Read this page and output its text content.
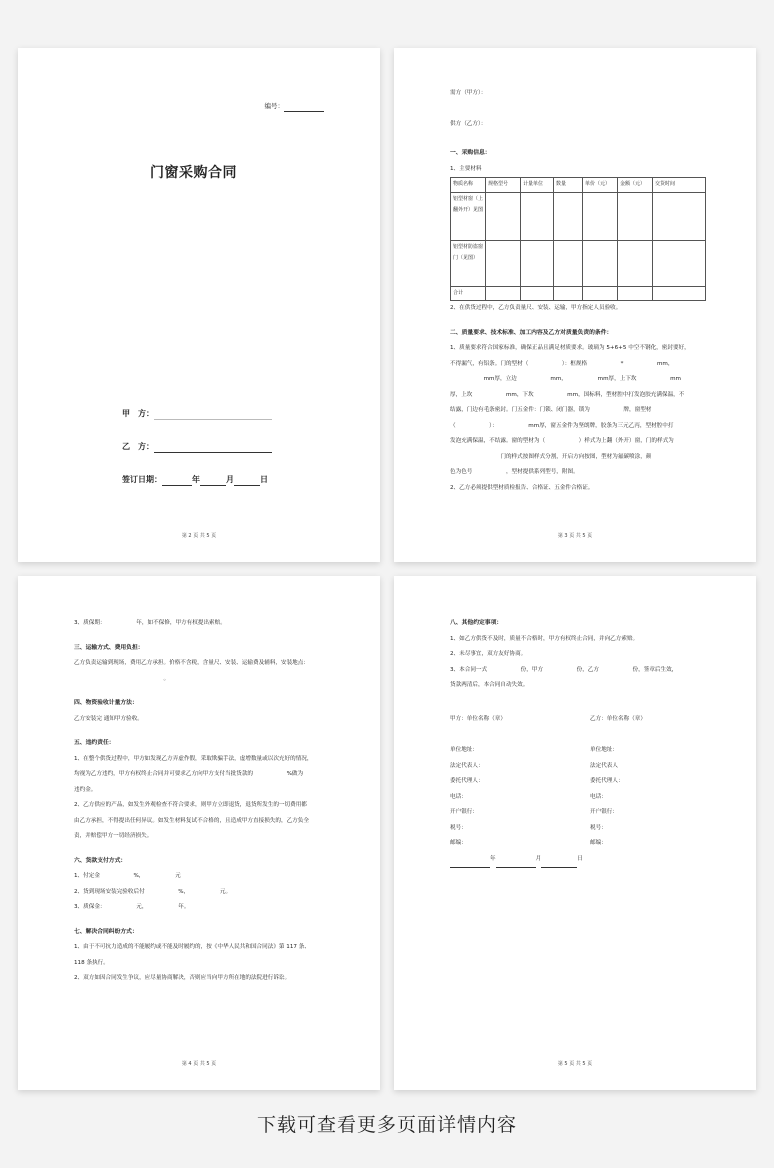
编号：
门窗采购合同
甲　方：
乙　方：
签订日期：	年	月	日
第 2 页 共 5 页

需方（甲方）：

供方（乙方）：

一、采购信息：

1、主要材料

物质名称	规格型号	计量单位	数量	单价（元）	金额（元）	交货时间
铝型材窗（上翻外开）见图						
铝型材防盗窗门（见图）						
合计						

2、在供货过程中，乙方负责量尺、安装、运输，甲方指定人员验收。

二、质量要求、技术标准、加工内容及乙方对质量负责的条件：

1、质量要求符合国家标准，确保正品且满足材质要求。玻璃为 5+6+5 中空不钢化，密封要好，

不得漏气，有铝条。门的型材（　　　　　　）：框规格　　　　　　*　　　　　　mm，

　　　　　　mm厚，立边　　　　　　mm，　　　　　　mm厚，上下坎　　　　　　mm

厚，上坎　　　　　　mm，下坎　　　　　　mm，国标料，型材腔中打发泡胶充满保温，不

结露，门边有毛条密封。门五金件：门锁、闭门器，锁为　　　　　　牌，窗型材

（　　　　　　）：　　　　　　mm厚，窗五金件为坚朗牌，胶条为三元乙丙，型材腔中打

发泡充满保温，不结露。窗的型材为（　　　　　　）样式为上翻（外开）窗，门的样式为

　　　　　　　　　门的样式按图样式分割，开启方向按图，型材为氟碳喷涂，颜

色为色号　　　　　　，型材提供系列型号，附图。

2、乙方必须提供型材质检报告、合格证、五金件合格证。

第 3 页 共 5 页

3、质保期：　　　　　　年，如不保修，甲方有权提出索赔。

三、运输方式、费用负担：

乙方负责运输到现场，费用乙方承担。价格不含税，含量尺、安装、运输费及辅料，安装地点：

　　　　　　　　　　　　　　　　。

四、物资验收计量方法：

乙方安装完 通知甲方验收。

五、违约责任：

1、在整个供货过程中，甲方如发现乙方弄虚作假，采取欺骗手法，虚增数量或以次充好的情况，

均视为乙方违约，甲方有权终止合同并可要求乙方向甲方支付当批货款的　　　　　　%做为

违约金。

2、乙方供应的产品，如发生外观检查不符合要求，则甲方立即退货，退货所发生的一切费用都

由乙方承担，不得提出任何异议。如发生材料复试不合格的，且造成甲方直接损失的，乙方负全

责，并赔偿甲方一切经济损失。

六、货款支付方式：

1、付定金　　　　　　%，　　　　　　元

2、货到现场安装完验收后付　　　　　　%，　　　　　　元。

3、质保金：　　　　　　元，　　　　　　年。

七、解决合同纠纷方式：

1、由于不可抗力造成的不能履约或不能及时履约的，按《中华人民共和国合同法》第 117 条、

118 条执行。

2、双方如因合同发生争议，应尽量协商解决，否则应当向甲方所在地的法院进行诉讼。

第 4 页 共 5 页
八、其他约定事项：

1、如乙方供货不及时，质量不合格时，甲方有权终止合同，并向乙方索赔。

2、未尽事宜，双方友好协商。

3、本合同一式　　　　　　份，甲方　　　　　　份，乙方　　　　　　份，签章后生效，

货款两清后，本合同自动失效。

甲方：单位名称（章）
单位地址：
法定代表人：
委托代理人：
电话：
开户银行：
税号：
邮编：
乙方：单位名称（章）
单位地址：
法定代表人
委托代理人：
电话：
开户银行：
税号：
邮编：
年	月	日
第 5 页 共 5 页
下载可查看更多页面详情内容
